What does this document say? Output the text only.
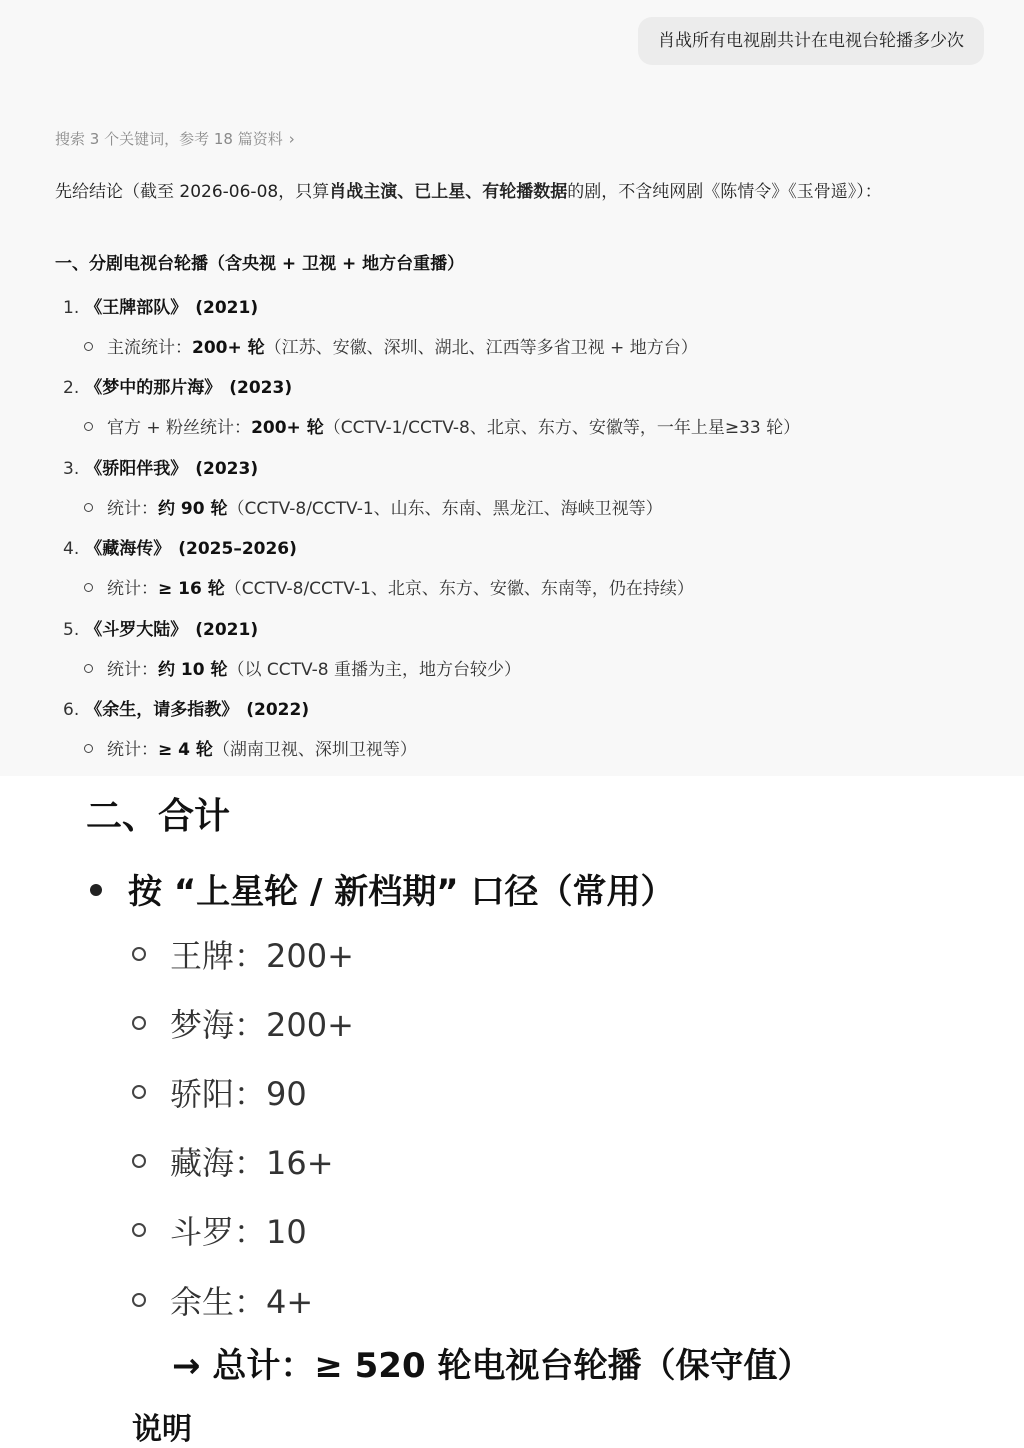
肖战所有电视剧共计在电视台轮播多少次
搜索 3 个关键词，参考 18 篇资料 ›
先给结论（截至 2026-06-08，只算肖战主演、已上星、有轮播数据的剧，不含纯网剧《陈情令》《玉骨遥》）：
一、分剧电视台轮播（含央视 + 卫视 + 地方台重播）
1. 《王牌部队》 (2021)
主流统计：200+ 轮（江苏、安徽、深圳、湖北、江西等多省卫视 + 地方台）
2. 《梦中的那片海》 (2023)
官方 + 粉丝统计：200+ 轮（CCTV-1/CCTV-8、北京、东方、安徽等，一年上星≥33 轮）
3. 《骄阳伴我》 (2023)
统计：约 90 轮（CCTV-8/CCTV-1、山东、东南、黑龙江、海峡卫视等）
4. 《藏海传》 (2025–2026)
统计：≥ 16 轮（CCTV-8/CCTV-1、北京、东方、安徽、东南等，仍在持续）
5. 《斗罗大陆》 (2021)
统计：约 10 轮（以 CCTV-8 重播为主，地方台较少）
6. 《余生，请多指教》 (2022)
统计：≥ 4 轮（湖南卫视、深圳卫视等）
二、合计
按 “上星轮 / 新档期” 口径（常用）
王牌：200+
梦海：200+
骄阳：90
藏海：16+
斗罗：10
余生：4+
→ 总计：≥ 520 轮电视台轮播（保守值）
说明
